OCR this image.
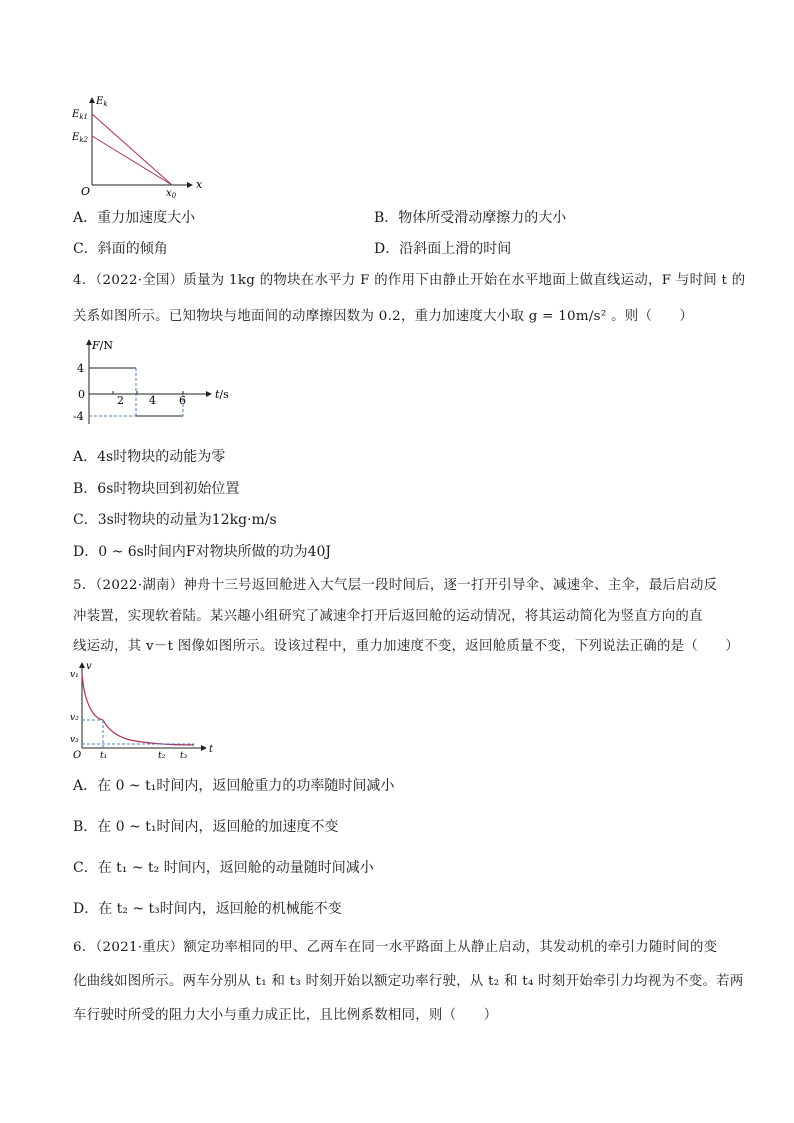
$E_k$
$E_{k1}$
$E_{k2}$
O	$x_0$
x
A．重力加速度大小	B．物体所受滑动摩擦力的大小
C．斜面的倾角	D．沿斜面上滑的时间
4．（2022·全国）质量为 1kg 的物块在水平力 F 的作用下由静止开始在水平地面上做直线运动，F 与时间 t 的
关系如图所示。已知物块与地面间的动摩擦因数为 0.2，重力加速度大小取 g = 10m/s² 。则（　　）
F/N
4
0
-4
2 4 6	t/s
A．4s时物块的动能为零
B．6s时物块回到初始位置
C．3s时物块的动量为12kg·m/s
D．0 ~ 6s时间内F对物块所做的功为40J
5．（2022·湖南）神舟十三号返回舱进入大气层一段时间后，逐一打开引导伞、减速伞、主伞，最后启动反
冲装置，实现软着陆。某兴趣小组研究了减速伞打开后返回舱的运动情况，将其运动简化为竖直方向的直
线运动，其 v－t 图像如图所示。设该过程中，重力加速度不变，返回舱质量不变，下列说法正确的是（　　）
v₁
v
v₂
v₃
O t₁	t₂ t₃
t
A．在 0 ~ t₁时间内，返回舱重力的功率随时间减小
B．在 0 ~ t₁时间内，返回舱的加速度不变
C．在 t₁ ~ t₂ 时间内，返回舱的动量随时间减小
D．在 t₂ ~ t₃时间内，返回舱的机械能不变
6．（2021·重庆）额定功率相同的甲、乙两车在同一水平路面上从静止启动，其发动机的牵引力随时间的变
化曲线如图所示。两车分别从 t₁ 和 t₃ 时刻开始以额定功率行驶，从 t₂ 和 t₄ 时刻开始牵引力均视为不变。若两
车行驶时所受的阻力大小与重力成正比，且比例系数相同，则（　　）
